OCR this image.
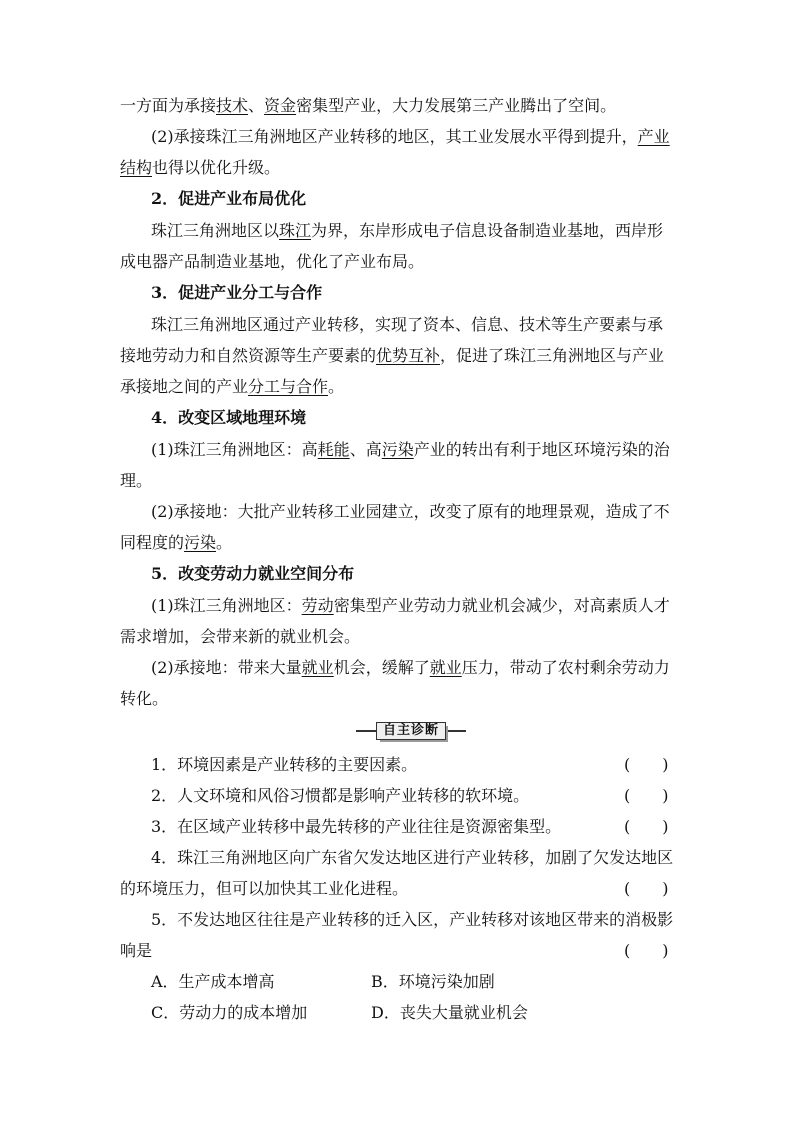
一方面为承接技术、资金密集型产业，大力发展第三产业腾出了空间。
(2)承接珠江三角洲地区产业转移的地区，其工业发展水平得到提升，产业
结构也得以优化升级。
2．促进产业布局优化
珠江三角洲地区以珠江为界，东岸形成电子信息设备制造业基地，西岸形
成电器产品制造业基地，优化了产业布局。
3．促进产业分工与合作
珠江三角洲地区通过产业转移，实现了资本、信息、技术等生产要素与承
接地劳动力和自然资源等生产要素的优势互补，促进了珠江三角洲地区与产业
承接地之间的产业分工与合作。
4．改变区域地理环境
(1)珠江三角洲地区：高耗能、高污染产业的转出有利于地区环境污染的治
理。
(2)承接地：大批产业转移工业园建立，改变了原有的地理景观，造成了不
同程度的污染。
5．改变劳动力就业空间分布
(1)珠江三角洲地区：劳动密集型产业劳动力就业机会减少，对高素质人才
需求增加，会带来新的就业机会。
(2)承接地：带来大量就业机会，缓解了就业压力，带动了农村剩余劳动力
转化。
自主诊断
1．环境因素是产业转移的主要因素。	(　　)
2．人文环境和风俗习惯都是影响产业转移的软环境。	(　　)
3．在区域产业转移中最先转移的产业往往是资源密集型。	(　　)
4．珠江三角洲地区向广东省欠发达地区进行产业转移，加剧了欠发达地区
的环境压力，但可以加快其工业化进程。	(　　)
5．不发达地区往往是产业转移的迁入区，产业转移对该地区带来的消极影
响是	(　　)
A．生产成本增高	B．环境污染加剧
C．劳动力的成本增加	D．丧失大量就业机会
